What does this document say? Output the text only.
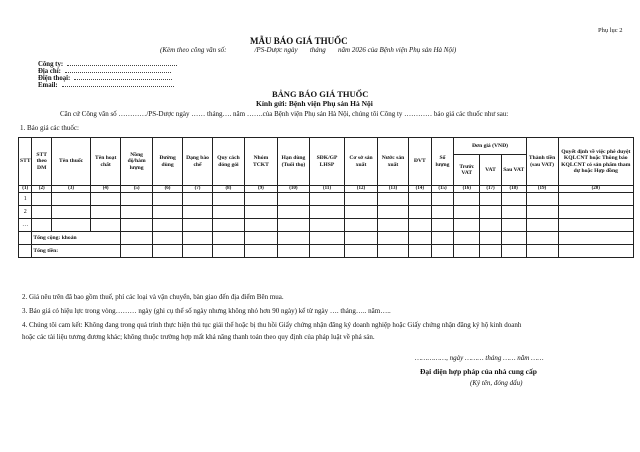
Phụ lục 2
MẪU BÁO GIÁ THUỐC
(Kèm theo công văn số:                /PS-Dược ngày       tháng       năm 2026 của Bệnh viện Phụ sản Hà Nội)
Công ty:
Địa chỉ:
Điện thoại:
Email:
BẢNG BÁO GIÁ THUỐC
Kính gửi: Bệnh viện Phụ sản Hà Nội
Căn cứ Công văn số …………/PS-Dược ngày …… tháng…. năm …….của Bệnh viện Phụ sản Hà Nội, chúng tôi Công ty ………… báo giá các thuốc như sau:
1. Báo giá các thuốc:
STT	STT theo DM	Tên thuốc	Tên hoạt chất	Nồng độ/hàm lượng	Đường dùng	Dạng bào chế	Quy cách đóng gói	Nhóm TCKT	Hạn dùng (Tuổi thọ)	SĐK/GP LHSP	Cơ sở sản xuất	Nước sản xuất	ĐVT	Số lượng	Đơn giá (VNĐ)			Thành tiền (sau VAT)	Quyết định về việc phê duyệt KQLCNT hoặc Thông báo KQLCNT có sản phẩm tham dự hoặc Hợp đồng
															Trước VAT	VAT	Sau VAT		
(1)	(2)	(3)	(4)	(5)	(6)	(7)	(8)	(9)	(10)	(11)	(12)	(13)	(14)	(15)	(16)	(17)	(18)	(19)	(20)
1																			
2																			
…																			
	Tổng cộng: khoản																		
	Tổng tiền:																		
2. Giá nêu trên đã bao gồm thuế, phí các loại và vận chuyển, bàn giao đến địa điểm Bên mua.
3. Báo giá có hiệu lực trong vòng……… ngày (ghi cụ thể số ngày nhưng không nhỏ hơn 90 ngày) kể từ ngày …. tháng….. năm…..
4. Chúng tôi cam kết: Không đang trong quá trình thực hiện thủ tục giải thể hoặc bị thu hồi Giấy chứng nhận đăng ký doanh nghiệp hoặc Giấy chứng nhận đăng ký hộ kinh doanh
hoặc các tài liệu tương đương khác; không thuộc trường hợp mất khả năng thanh toán theo quy định của pháp luật về phá sản.
……………, ngày ……… tháng …… năm ……
Đại diện hợp pháp của nhà cung cấp
(Ký tên, đóng dấu)
